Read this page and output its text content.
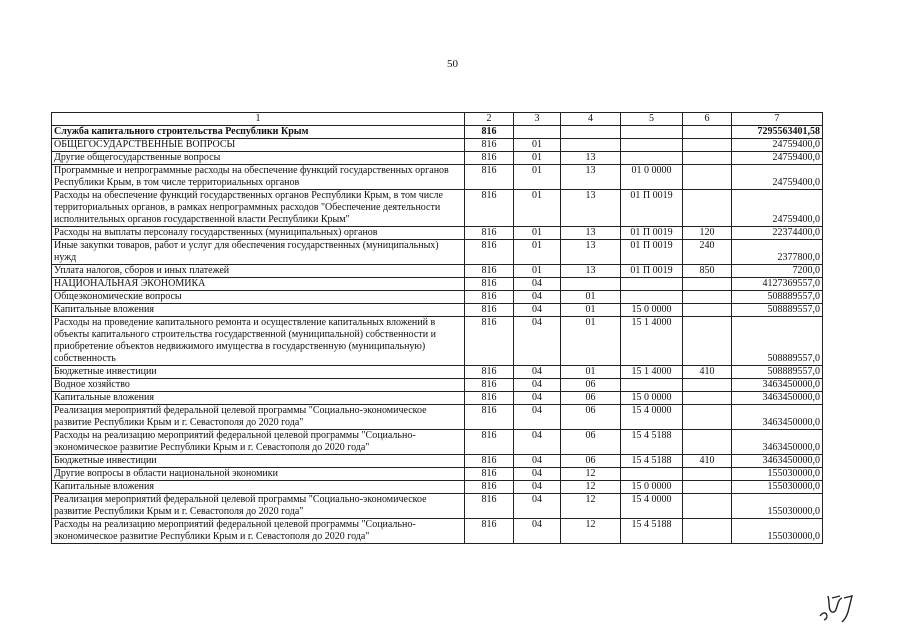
50
1	2	3	4	5	6	7
Служба капитального строительства Республики Крым	816					7295563401,58
ОБЩЕГОСУДАРСТВЕННЫЕ ВОПРОСЫ	816	01				24759400,0
Другие общегосударственные вопросы	816	01	13			24759400,0
Программные и непрограммные расходы на обеспечение функций государственных органов Республики Крым, в том числе территориальных органов	816	01	13	01 0 0000		24759400,0
Расходы на обеспечение функций государственных органов Республики Крым, в том числе территориальных органов, в рамках непрограммных расходов "Обеспечение деятельности исполнительных органов государственной власти Республики Крым"	816	01	13	01 П 0019		24759400,0
Расходы на выплаты персоналу государственных (муниципальных) органов	816	01	13	01 П 0019	120	22374400,0
Иные закупки товаров, работ и услуг для обеспечения государственных (муниципальных) нужд	816	01	13	01 П 0019	240	2377800,0
Уплата налогов, сборов и иных платежей	816	01	13	01 П 0019	850	7200,0
НАЦИОНАЛЬНАЯ ЭКОНОМИКА	816	04				4127369557,0
Общеэкономические вопросы	816	04	01			508889557,0
Капитальные вложения	816	04	01	15 0 0000		508889557,0
Расходы на проведение капитального ремонта и осуществление капитальных вложений в объекты капитального строительства государственной (муниципальной) собственности и приобретение объектов недвижимого имущества в государственную (муниципальную) собственность	816	04	01	15 1 4000		508889557,0
Бюджетные инвестиции	816	04	01	15 1 4000	410	508889557,0
Водное хозяйство	816	04	06			3463450000,0
Капитальные вложения	816	04	06	15 0 0000		3463450000,0
Реализация мероприятий федеральной целевой программы "Социально-экономическое развитие Республики Крым и г. Севастополя до 2020 года"	816	04	06	15 4 0000		3463450000,0
Расходы на реализацию мероприятий федеральной целевой программы "Социально-экономическое развитие Республики Крым и г. Севастополя до 2020 года"	816	04	06	15 4 5188		3463450000,0
Бюджетные инвестиции	816	04	06	15 4 5188	410	3463450000,0
Другие вопросы в области национальной экономики	816	04	12			155030000,0
Капитальные вложения	816	04	12	15 0 0000		155030000,0
Реализация мероприятий федеральной целевой программы "Социально-экономическое развитие Республики Крым и г. Севастополя до 2020 года"	816	04	12	15 4 0000		155030000,0
Расходы на реализацию мероприятий федеральной целевой программы "Социально-экономическое развитие Республики Крым и г. Севастополя до 2020 года"	816	04	12	15 4 5188		155030000,0
